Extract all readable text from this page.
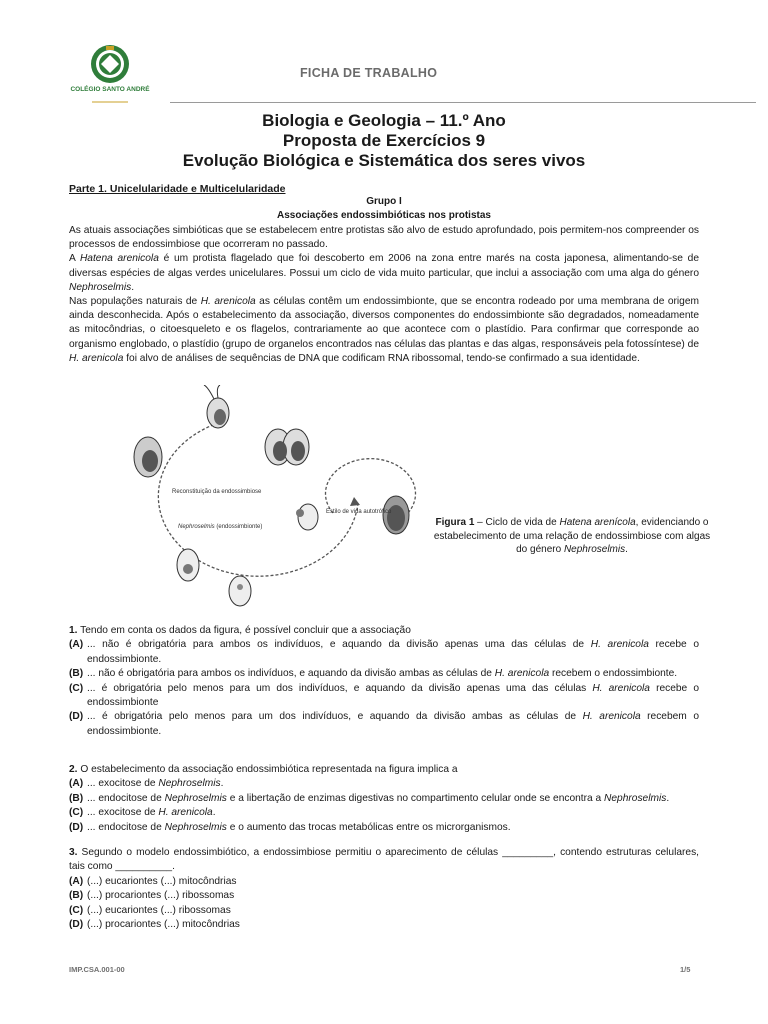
COLÉGIO SANTO ANDRÉ
FICHA DE TRABALHO
Biologia e Geologia – 11.º Ano
Proposta de Exercícios 9
Evolução Biológica e Sistemática dos seres vivos
Parte 1. Unicelularidade e Multicelularidade
Grupo I
Associações endossimbióticas nos protistas

As atuais associações simbióticas que se estabelecem entre protistas são alvo de estudo aprofundado, pois permitem-nos compreender os processos de endossimbiose que ocorreram no passado.

A Hatena arenicola é um protista flagelado que foi descoberto em 2006 na zona entre marés na costa japonesa, alimentando-se de diversas espécies de algas verdes unicelulares. Possui um ciclo de vida muito particular, que inclui a associação com uma alga do género Nephroselmis.

Nas populações naturais de H. arenicola as células contêm um endossimbionte, que se encontra rodeado por uma membrana de origem ainda desconhecida. Após o estabelecimento da associação, diversos componentes do endossimbionte são degradados, nomeadamente as mitocôndrias, o citoesqueleto e os flagelos, contrariamente ao que acontece com o plastídio. Para confirmar que corresponde ao organismo englobado, o plastídio (grupo de organelos encontrados nas células das plantas e das algas, responsáveis pela fotossíntese) de H. arenicola foi alvo de análises de sequências de DNA que codificam RNA ribossomal, tendo-se confirmado a sua identidade.

Reconstituição da endossimbiose
Nephroselmis (endossimbionte)
Estilo de vida autotrófico
Figura 1 – Ciclo de vida de Hatena arenícola, evidenciando o estabelecimento de uma relação de endossimbiose com algas do género Nephroselmis.
1. Tendo em conta os dados da figura, é possível concluir que a associação
(A) ... não é obrigatória para ambos os indivíduos, e aquando da divisão apenas uma das células de H. arenicola recebe o endossimbionte.
(B) ... não é obrigatória para ambos os indivíduos, e aquando da divisão ambas as células de H. arenicola recebem o endossimbionte.
(C) ... é obrigatória pelo menos para um dos indivíduos, e aquando da divisão apenas uma das células H. arenicola recebe o endossimbionte
(D) ... é obrigatória pelo menos para um dos indivíduos, e aquando da divisão ambas as células de H. arenicola recebem o endossimbionte.
2. O estabelecimento da associação endossimbiótica representada na figura implica a
(A) ... exocitose de Nephroselmis.
(B) ... endocitose de Nephroselmis e a libertação de enzimas digestivas no compartimento celular onde se encontra a Nephroselmis.
(C) ... exocitose de H. arenicola.
(D) ... endocitose de Nephroselmis e o aumento das trocas metabólicas entre os microrganismos.
3. Segundo o modelo endossimbiótico, a endossimbiose permitiu o aparecimento de células _________, contendo estruturas celulares, tais como __________.
(A) (...) eucariontes (...) mitocôndrias
(B) (...) procariontes (...) ribossomas
(C) (...) eucariontes (...) ribossomas
(D) (...) procariontes (...) mitocôndrias
IMP.CSA.001-00	1/5
